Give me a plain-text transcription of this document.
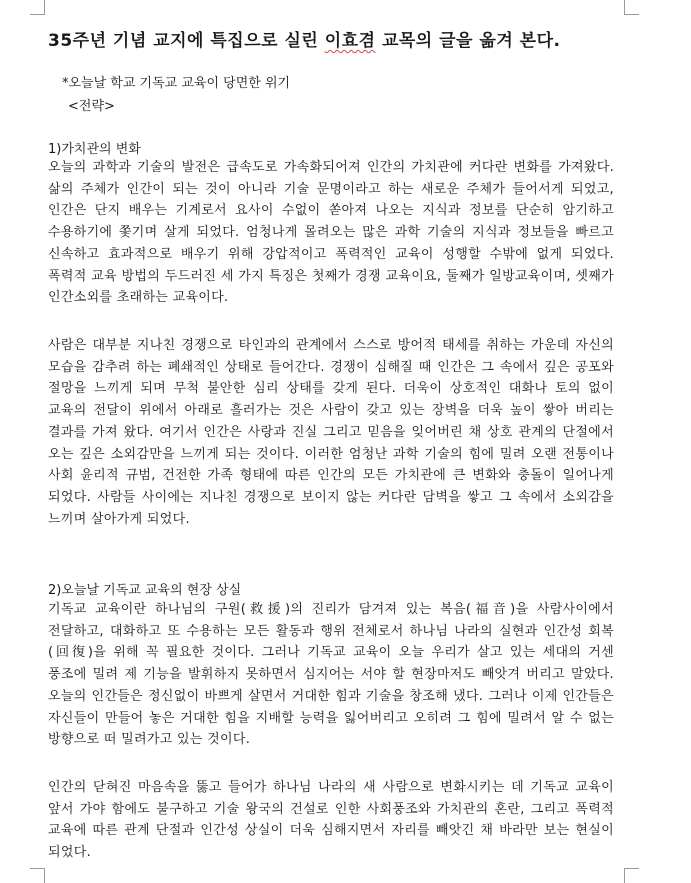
35주년 기념 교지에 특집으로 실린 이효겸 교목의 글을 옮겨 본다.

*오늘날 학교 기독교 교육이 당면한 위기

<전략>

1)가치관의 변화

오늘의 과학과 기술의 발전은 급속도로 가속화되어져 인간의 가치관에 커다란 변화를 가져왔다. 삶의 주체가 인간이 되는 것이 아니라 기술 문명이라고 하는 새로운 주체가 들어서게 되었고, 인간은 단지 배우는 기계로서 요사이 수없이 쏟아져 나오는 지식과 정보를 단순히 암기하고 수용하기에 쫓기며 살게 되었다. 엄청나게 몰려오는 많은 과학 기술의 지식과 정보들을 빠르고 신속하고 효과적으로 배우기 위해 강압적이고 폭력적인 교육이 성행할 수밖에 없게 되었다. 폭력적 교육 방법의 두드러진 세 가지 특징은 첫째가 경쟁 교육이요, 둘째가 일방교육이며, 셋째가 인간소외를 초래하는 교육이다.

사람은 대부분 지나친 경쟁으로 타인과의 관계에서 스스로 방어적 태세를 취하는 가운데 자신의 모습을 감추려 하는 폐쇄적인 상태로 들어간다. 경쟁이 심해질 때 인간은 그 속에서 깊은 공포와 절망을 느끼게 되며 무척 불안한 심리 상태를 갖게 된다. 더욱이 상호적인 대화나 토의 없이 교육의 전달이 위에서 아래로 흘러가는 것은 사람이 갖고 있는 장벽을 더욱 높이 쌓아 버리는 결과를 가져 왔다. 여기서 인간은 사랑과 진실 그리고 믿음을 잊어버린 채 상호 관계의 단절에서 오는 깊은 소외감만을 느끼게 되는 것이다. 이러한 엄청난 과학 기술의 힘에 밀려 오랜 전통이나 사회 윤리적 규범, 건전한 가족 형태에 따른 인간의 모든 가치관에 큰 변화와 충돌이 일어나게 되었다. 사람들 사이에는 지나친 경쟁으로 보이지 않는 커다란 담벽을 쌓고 그 속에서 소외감을 느끼며 살아가게 되었다.

2)오늘날 기독교 교육의 현장 상실

기독교 교육이란 하나님의 구원(救援)의 진리가 담겨져 있는 복음(福音)을 사람사이에서 전달하고, 대화하고 또 수용하는 모든 활동과 행위 전체로서 하나님 나라의 실현과 인간성 회복(回復)을 위해 꼭 필요한 것이다. 그러나 기독교 교육이 오늘 우리가 살고 있는 세대의 거센 풍조에 밀려 제 기능을 발휘하지 못하면서 심지어는 서야 할 현장마저도 빼앗겨 버리고 말았다. 오늘의 인간들은 정신없이 바쁘게 살면서 거대한 힘과 기술을 창조해 냈다. 그러나 이제 인간들은 자신들이 만들어 놓은 거대한 힘을 지배할 능력을 잃어버리고 오히려 그 힘에 밀려서 알 수 없는 방향으로 떠 밀려가고 있는 것이다.

인간의 닫혀진 마음속을 뚫고 들어가 하나님 나라의 새 사람으로 변화시키는 데 기독교 교육이 앞서 가야 함에도 불구하고 기술 왕국의 건설로 인한 사회풍조와 가치관의 혼란, 그리고 폭력적 교육에 따른 관계 단절과 인간성 상실이 더욱 심해지면서 자리를 빼앗긴 채 바라만 보는 현실이 되었다.
